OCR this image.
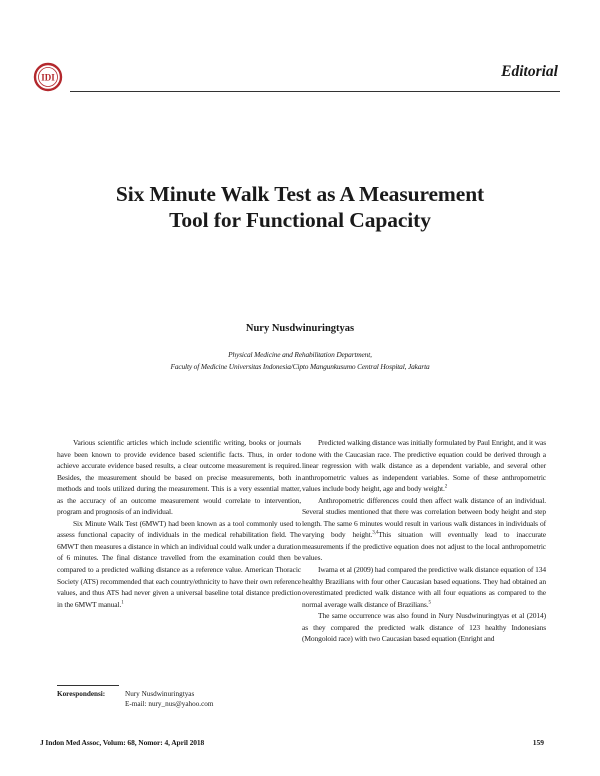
IDI	Editorial
Six Minute Walk Test as A Measurement
Tool for Functional Capacity
Nury Nusdwinuringtyas
Physical Medicine and Rehabilitation Department,
Faculty of Medicine Universitas Indonesia/Cipto Mangunkusumo Central Hospital, Jakarta

Various scientific articles which include scientific writing, books or journals have been known to provide evidence based scientific facts. Thus, in order to achieve accurate evidence based results, a clear outcome measurement is required. Besides, the measurement should be based on precise measurements, both in methods and tools utilized during the measurement. This is a very essential matter, as the accuracy of an outcome measurement would correlate to intervention, program and prognosis of an individual.

Six Minute Walk Test (6MWT) had been known as a tool commonly used to assess functional capacity of individuals in the medical rehabilitation field. The 6MWT then measures a distance in which an individual could walk under a duration of 6 minutes. The final distance travelled from the examination could then be compared to a predicted walking distance as a reference value. American Thoracic Society (ATS) recommended that each country/ethnicity to have their own reference values, and thus ATS had never given a universal baseline total distance prediction in the 6MWT manual.$^1$

Predicted walking distance was initially formulated by Paul Enright, and it was done with the Caucasian race. The predictive equation could be derived through a linear regression with walk distance as a dependent variable, and several other anthropometric values as independent variables. Some of these anthropometric values include body height, age and body weight.$^2$

Anthropometric differences could then affect walk distance of an individual. Several studies mentioned that there was correlation between body height and step length. The same 6 minutes would result in various walk distances in individuals of varying body height.$^{3,4}$This situation will eventually lead to inaccurate measurements if the predictive equation does not adjust to the local anthropometric values.

Iwama et al (2009) had compared the predictive walk distance equation of 134 healthy Brazilians with four other Caucasian based equations. They had obtained an overestimated predicted walk distance with all four equations as compared to the normal average walk distance of Brazilians.$^5$

The same occurrence was also found in Nury Nusdwinuringtyas et al (2014) as they compared the predicted walk distance of 123 healthy Indonesians (Mongoloid race) with two Caucasian based equation (Enright and

Korespondensi:	Nury Nusdwinuringtyas
E-mail: nury_nus@yahoo.com
J Indon Med Assoc, Volum: 68, Nomor: 4, April 2018	159
